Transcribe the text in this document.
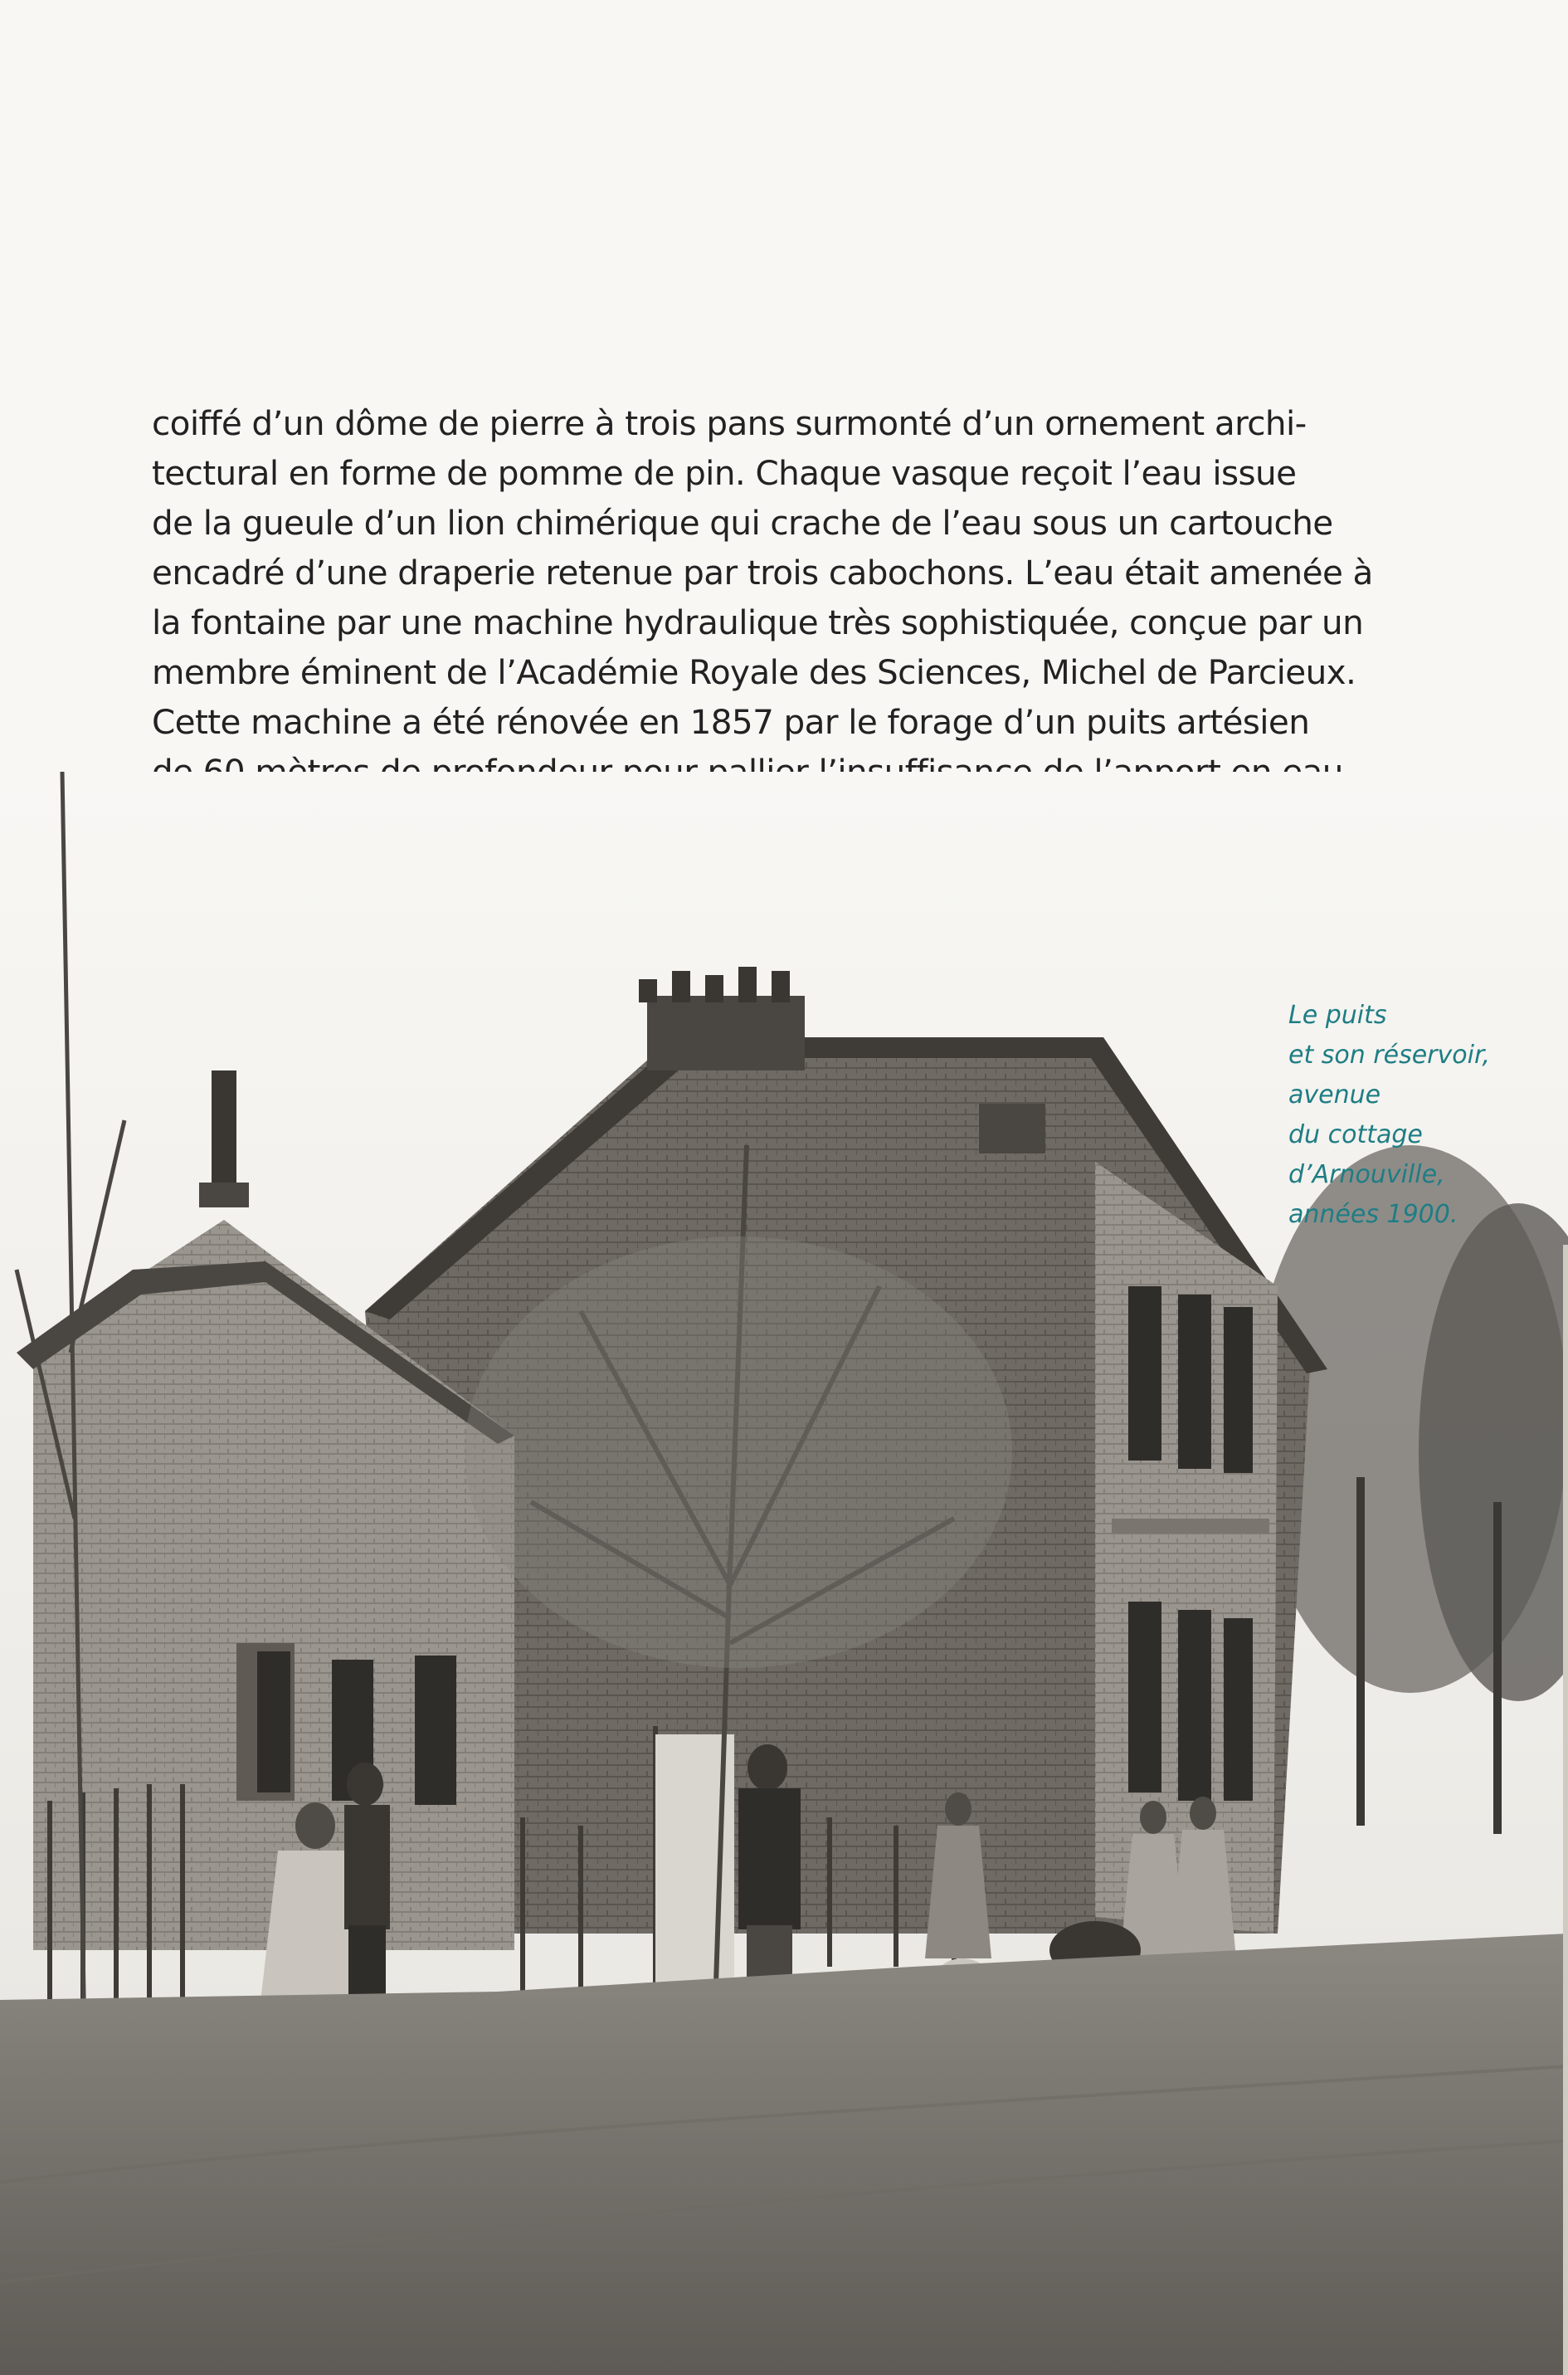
coiffé d’un dôme de pierre à trois pans surmonté d’un ornement archi-
tectural en forme de pomme de pin. Chaque vasque reçoit l’eau issue
de la gueule d’un lion chimérique qui crache de l’eau sous un cartouche
encadré d’une draperie retenue par trois cabochons. L’eau était amenée à
la fontaine par une machine hydraulique très sophistiquée, conçue par un
membre éminent de l’Académie Royale des Sciences, Michel de Parcieux.
Cette machine a été rénovée en 1857 par le forage d’un puits artésien
Le puits
et son réservoir,
avenue
du cottage
d’Arnouville,
années 1900.
